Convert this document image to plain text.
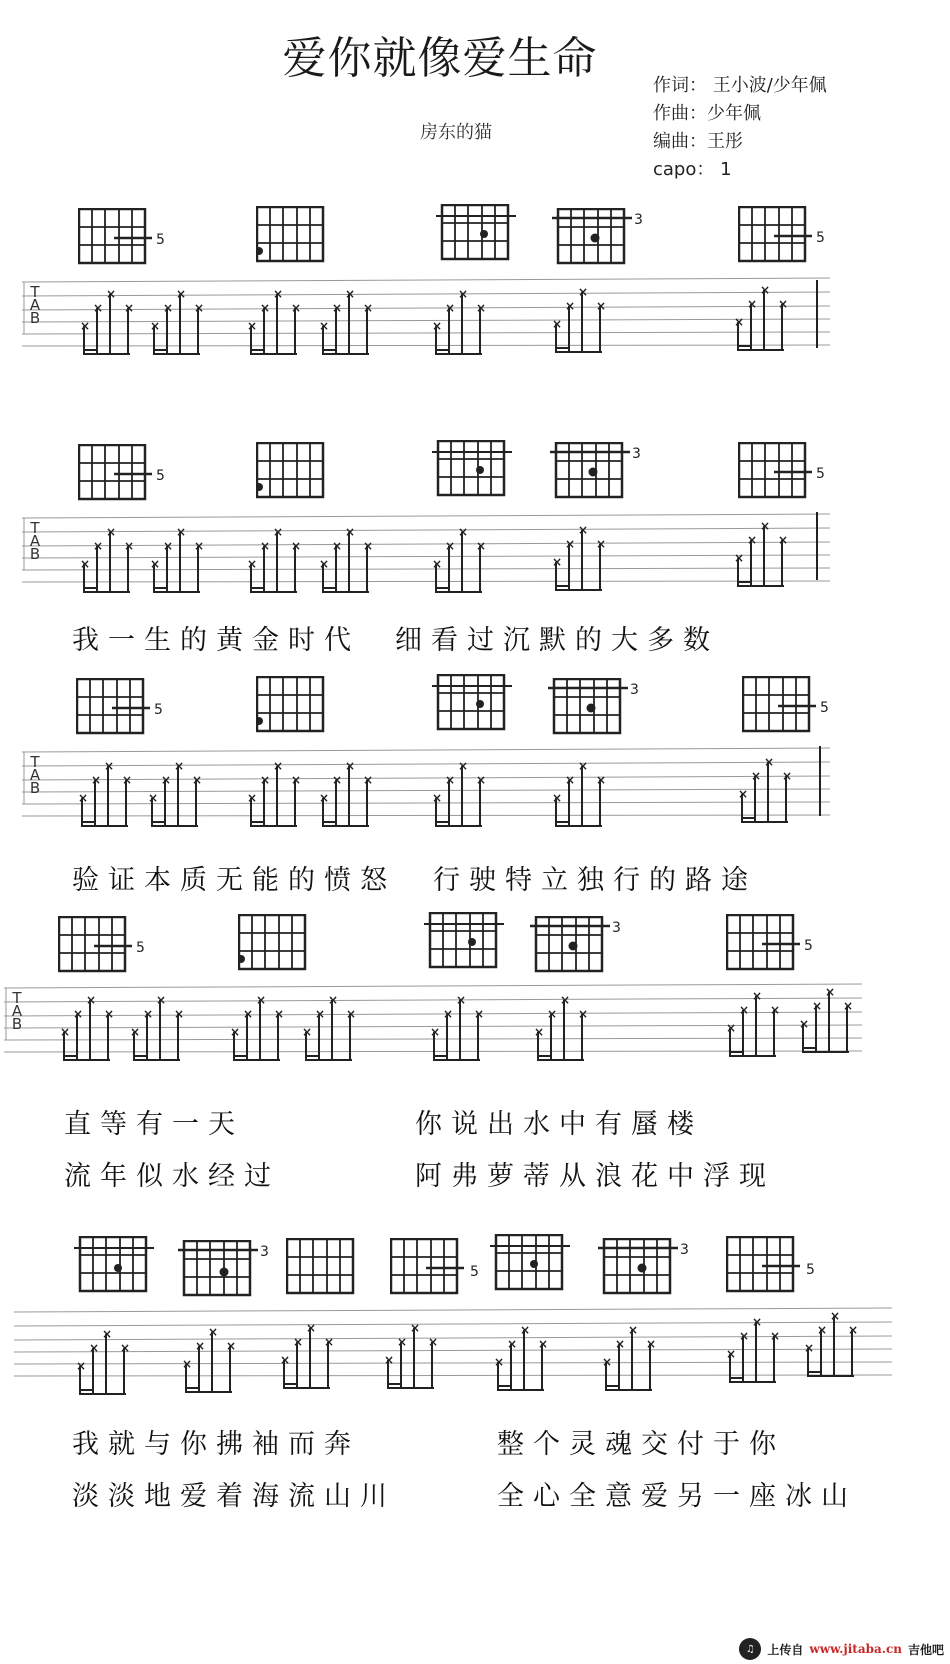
爱你就像爱生命
房东的猫
作词： 王小波/少年佩
作曲：少年佩
编曲：王彤
capo： 1
5
3
5
T
A
B
5
3
5
T
A
B
我一生的黄金时代 细看过沉默的大多数
5
3
5
T
A
B
验证本质无能的愤怒 行驶特立独行的路途
5
3
5
T
A
B
直等有一天	你说出水中有蜃楼
流年似水经过	阿弗萝蒂从浪花中浮现
3
5
3
5
我就与你拂袖而奔	整个灵魂交付于你
淡淡地爱着海流山川	全心全意爱另一座冰山
♫	上传自 www.jitaba.cn 吉他吧
